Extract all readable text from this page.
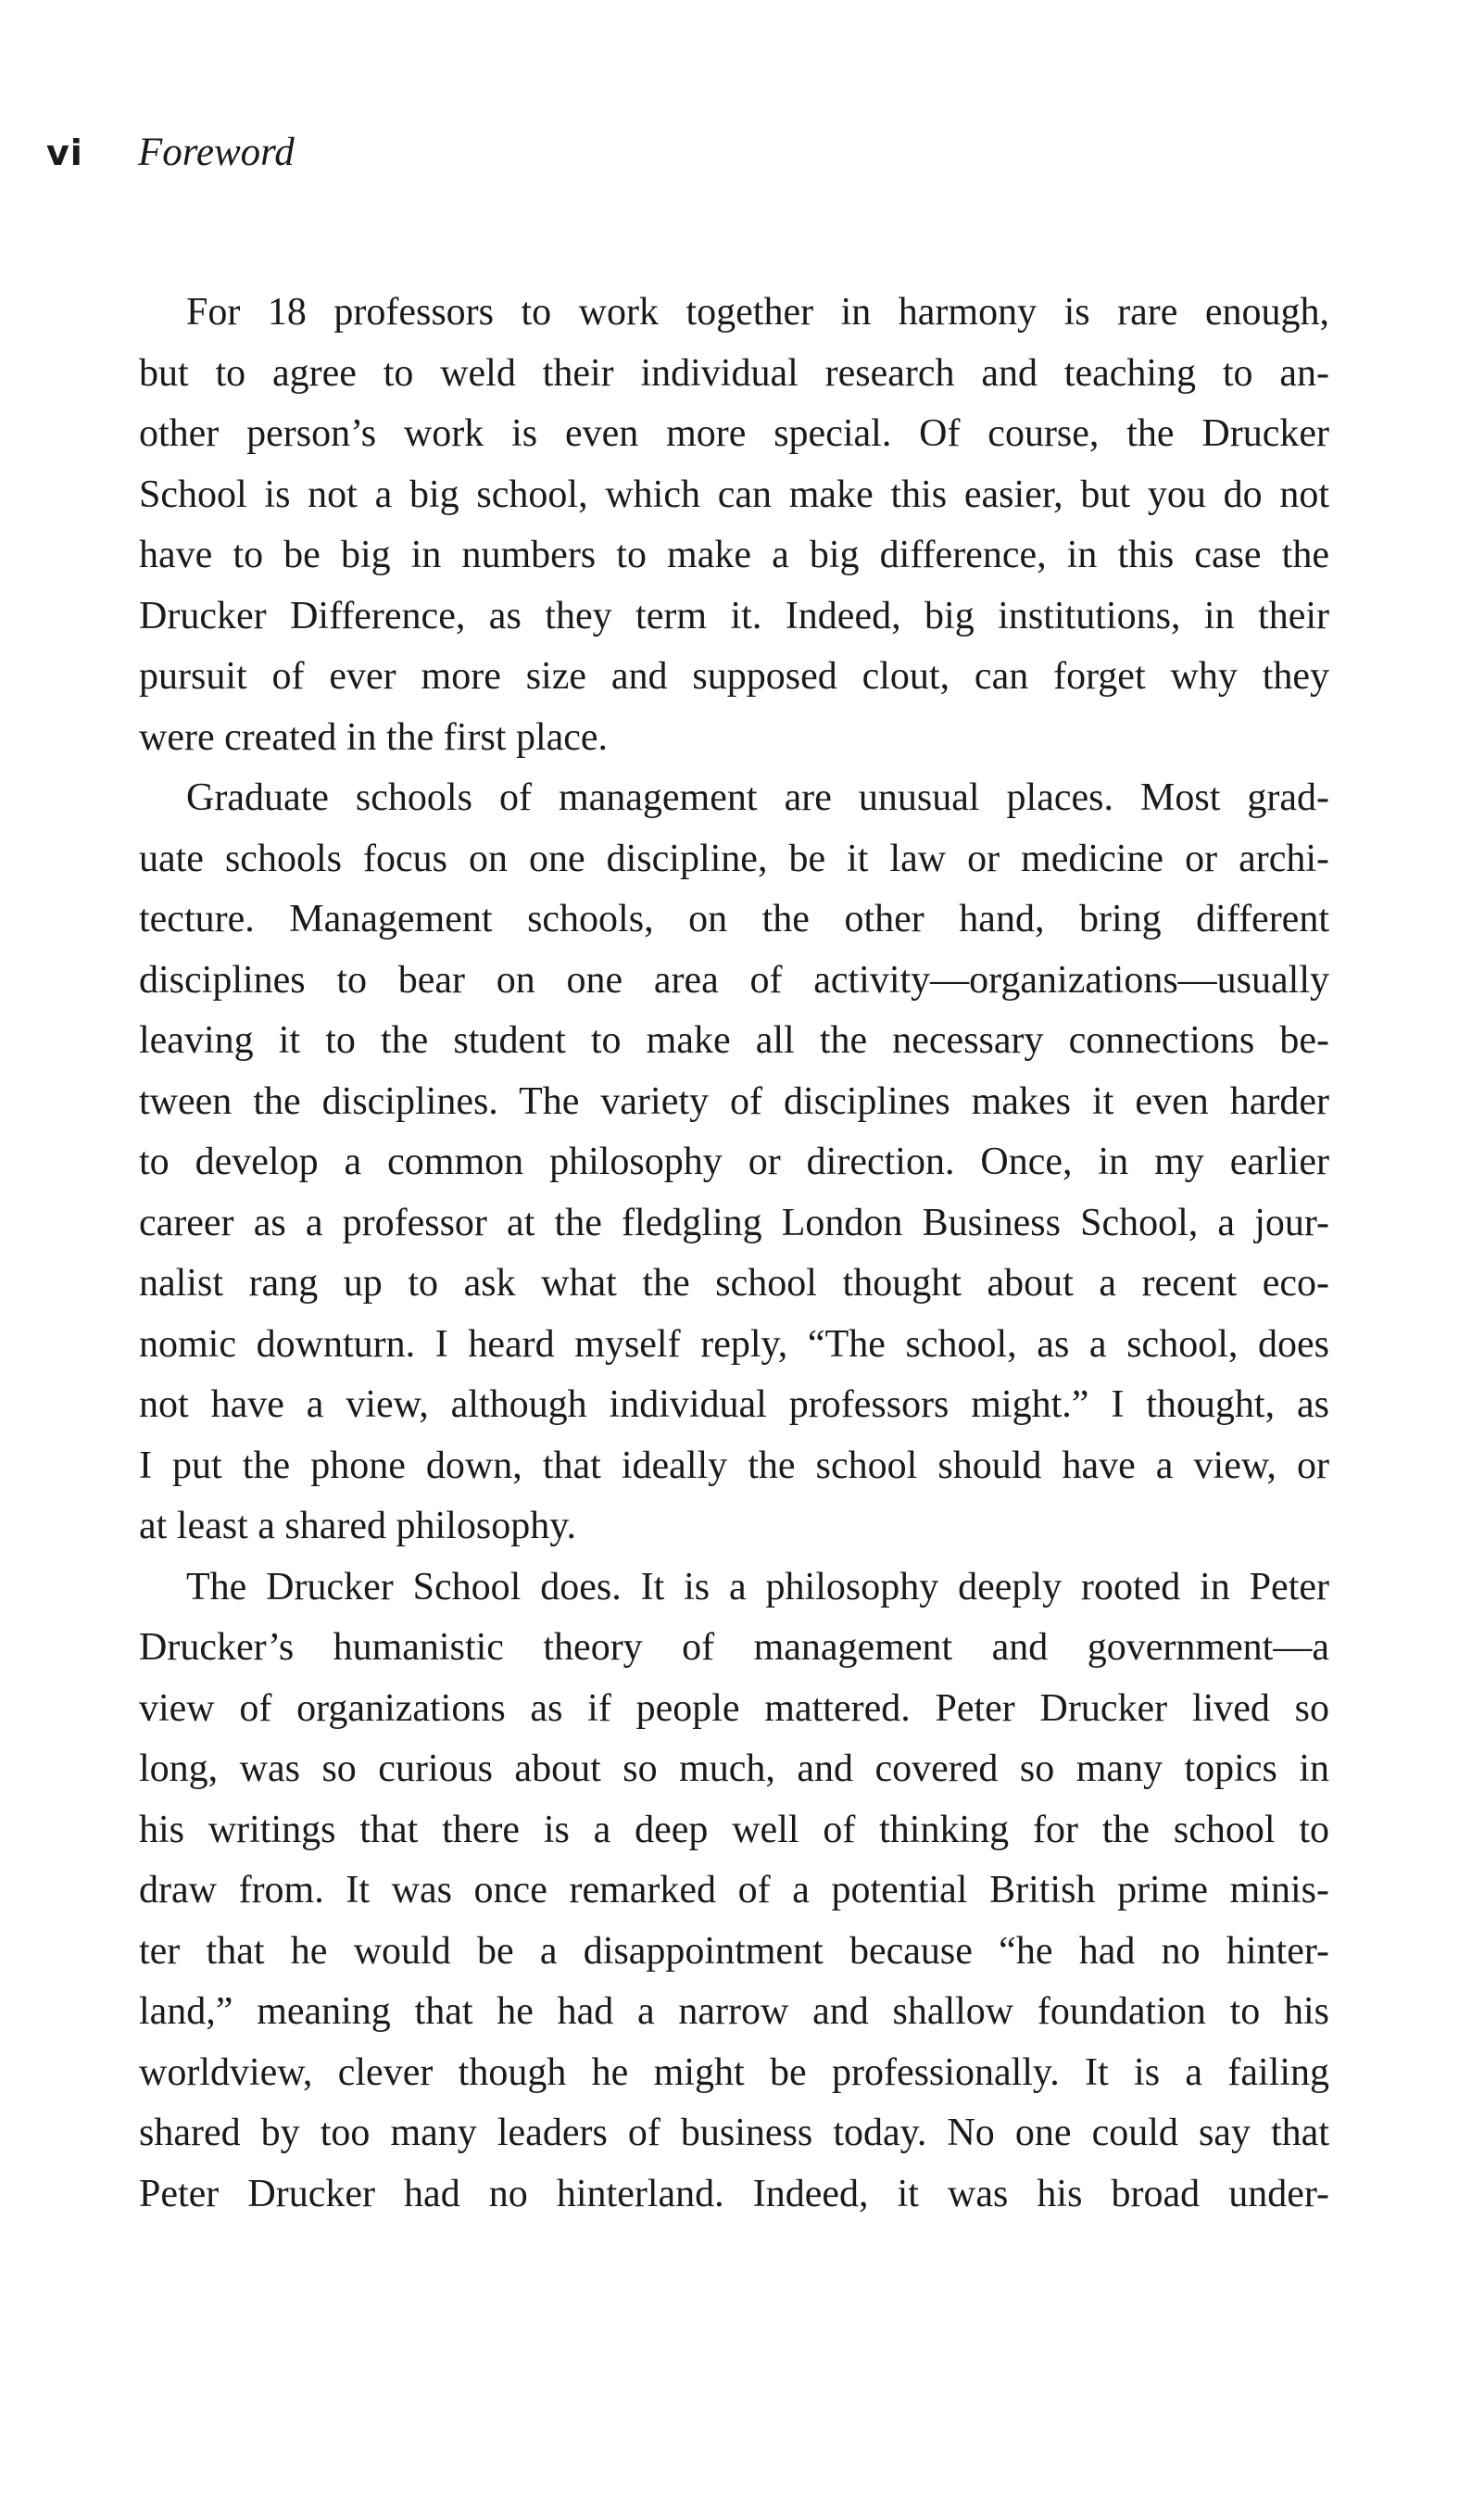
vi	Foreword
For 18 professors to work together in harmony is rare enough,
but to agree to weld their individual research and teaching to an-
other person’s work is even more special. Of course, the Drucker
School is not a big school, which can make this easier, but you do not
have to be big in numbers to make a big difference, in this case the
Drucker Difference, as they term it. Indeed, big institutions, in their
pursuit of ever more size and supposed clout, can forget why they
were created in the first place.
Graduate schools of management are unusual places. Most grad-
uate schools focus on one discipline, be it law or medicine or archi-
tecture. Management schools, on the other hand, bring different
disciplines to bear on one area of activity—organizations—usually
leaving it to the student to make all the necessary connections be-
tween the disciplines. The variety of disciplines makes it even harder
to develop a common philosophy or direction. Once, in my earlier
career as a professor at the fledgling London Business School, a jour-
nalist rang up to ask what the school thought about a recent eco-
nomic downturn. I heard myself reply, “The school, as a school, does
not have a view, although individual professors might.” I thought, as
I put the phone down, that ideally the school should have a view, or
at least a shared philosophy.
The Drucker School does. It is a philosophy deeply rooted in Peter
Drucker’s humanistic theory of management and government—a
view of organizations as if people mattered. Peter Drucker lived so
long, was so curious about so much, and covered so many topics in
his writings that there is a deep well of thinking for the school to
draw from. It was once remarked of a potential British prime minis-
ter that he would be a disappointment because “he had no hinter-
land,” meaning that he had a narrow and shallow foundation to his
worldview, clever though he might be professionally. It is a failing
shared by too many leaders of business today. No one could say that
Peter Drucker had no hinterland. Indeed, it was his broad under-
